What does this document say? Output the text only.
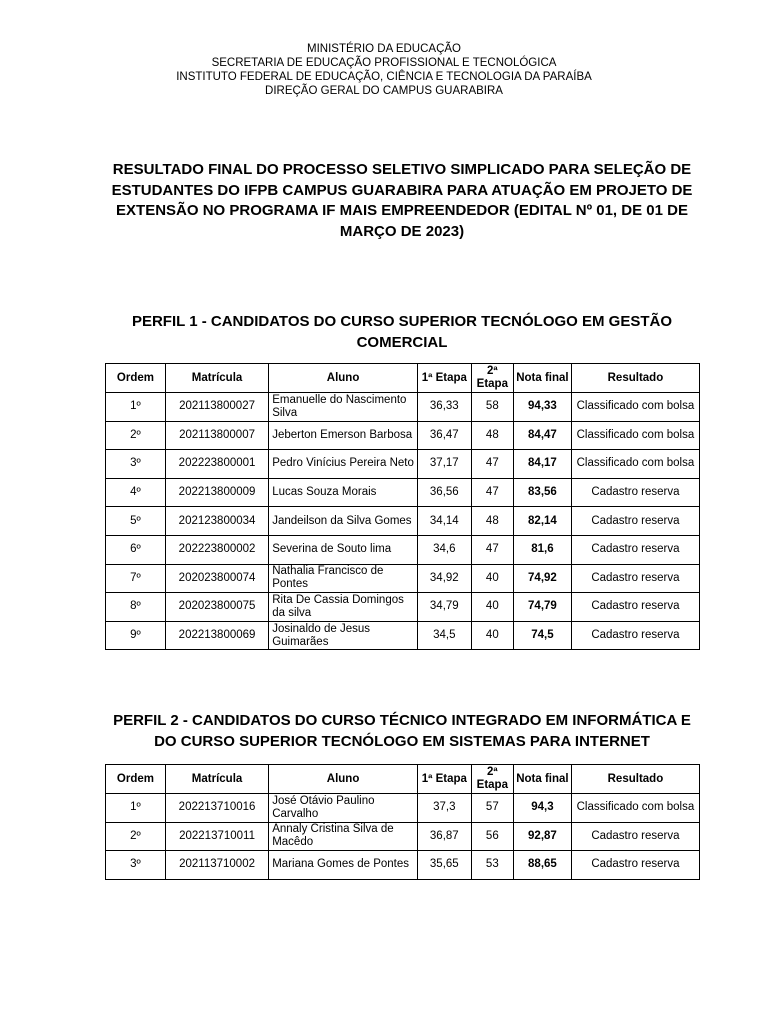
MINISTÉRIO DA EDUCAÇÃO
SECRETARIA DE EDUCAÇÃO PROFISSIONAL E TECNOLÓGICA
INSTITUTO FEDERAL DE EDUCAÇÃO, CIÊNCIA E TECNOLOGIA DA PARAÍBA
DIREÇÃO GERAL DO CAMPUS GUARABIRA
RESULTADO FINAL DO PROCESSO SELETIVO SIMPLICADO PARA SELEÇÃO DE ESTUDANTES DO IFPB CAMPUS GUARABIRA PARA ATUAÇÃO EM PROJETO DE EXTENSÃO NO PROGRAMA IF MAIS EMPREENDEDOR (EDITAL Nº 01, DE 01 DE MARÇO DE 2023)
PERFIL 1 - CANDIDATOS DO CURSO SUPERIOR TECNÓLOGO EM GESTÃO COMERCIAL
Ordem	Matrícula	Aluno	1ª Etapa	2ª Etapa	Nota final	Resultado
1º	202113800027	Emanuelle do Nascimento Silva	36,33	58	94,33	Classificado com bolsa
2º	202113800007	Jeberton Emerson Barbosa	36,47	48	84,47	Classificado com bolsa
3º	202223800001	Pedro Vinícius Pereira Neto	37,17	47	84,17	Classificado com bolsa
4º	202213800009	Lucas Souza Morais	36,56	47	83,56	Cadastro reserva
5º	202123800034	Jandeilson da Silva Gomes	34,14	48	82,14	Cadastro reserva
6º	202223800002	Severina de Souto lima	34,6	47	81,6	Cadastro reserva
7º	202023800074	Nathalia Francisco de Pontes	34,92	40	74,92	Cadastro reserva
8º	202023800075	Rita De Cassia Domingos da silva	34,79	40	74,79	Cadastro reserva
9º	202213800069	Josinaldo de Jesus Guimarães	34,5	40	74,5	Cadastro reserva
PERFIL 2 - CANDIDATOS DO CURSO TÉCNICO INTEGRADO EM INFORMÁTICA E DO CURSO SUPERIOR TECNÓLOGO EM SISTEMAS PARA INTERNET
Ordem	Matrícula	Aluno	1ª Etapa	2ª Etapa	Nota final	Resultado
1º	202213710016	José Otávio Paulino Carvalho	37,3	57	94,3	Classificado com bolsa
2º	202213710011	Annaly Cristina Silva de Macêdo	36,87	56	92,87	Cadastro reserva
3º	202113710002	Mariana Gomes de Pontes	35,65	53	88,65	Cadastro reserva
